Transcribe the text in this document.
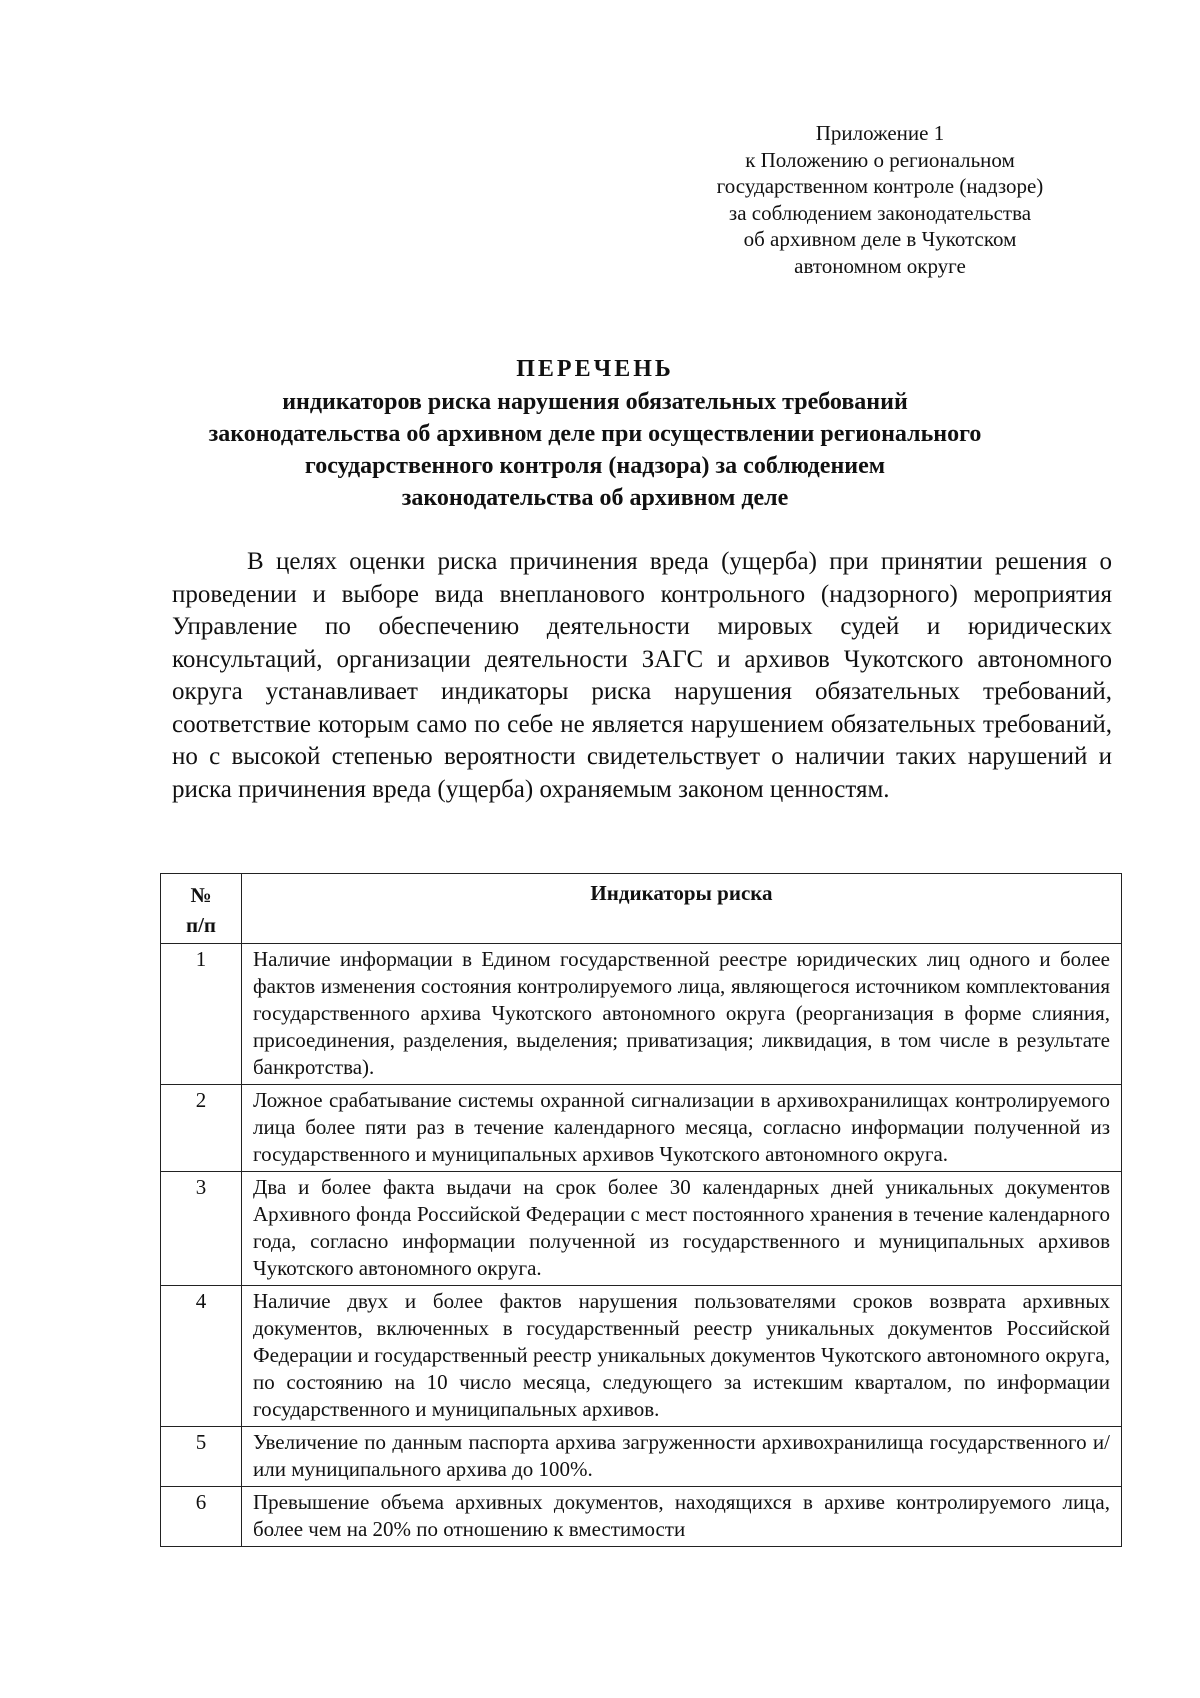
Приложение 1
к Положению о региональном
государственном контроле (надзоре)
за соблюдением законодательства
об архивном деле в Чукотском
автономном округе
ПЕРЕЧЕНЬ
индикаторов риска нарушения обязательных требований
законодательства об архивном деле при осуществлении регионального
государственного контроля (надзора) за соблюдением
законодательства об архивном деле

В целях оценки риска причинения вреда (ущерба) при принятии решения о проведении и выборе вида внепланового контрольного (надзорного) мероприятия Управление по обеспечению деятельности мировых судей и юридических консультаций, организации деятельности ЗАГС и архивов Чукотского автономного округа устанавливает индикаторы риска нарушения обязательных требований, соответствие которым само по себе не является нарушением обязательных требований, но с высокой степенью вероятности свидетельствует о наличии таких нарушений и риска причинения вреда (ущерба) охраняемым законом ценностям.

№
п/п	Индикаторы риска
1	Наличие информации в Едином государственной реестре юридических лиц одного и более фактов изменения состояния контролируемого лица, являющегося источником комплектования государственного архива Чукотского автономного округа (реорганизация в форме слияния, присоединения, разделения, выделения; приватизация; ликвидация, в том числе в результате банкротства).
2	Ложное срабатывание системы охранной сигнализации в архивохранилищах контролируемого лица более пяти раз в течение календарного месяца, согласно информации полученной из государственного и муниципальных архивов Чукотского автономного округа.
3	Два и более факта выдачи на срок более 30 календарных дней уникальных документов Архивного фонда Российской Федерации с мест постоянного хранения в течение календарного года, согласно информации полученной из государственного и муниципальных архивов Чукотского автономного округа.
4	Наличие двух и более фактов нарушения пользователями сроков возврата архивных документов, включенных в государственный реестр уникальных документов Российской Федерации и государственный реестр уникальных документов Чукотского автономного округа, по состоянию на 10 число месяца, следующего за истекшим кварталом, по информации государственного и муниципальных архивов.
5	Увеличение по данным паспорта архива загруженности архивохранилища государственного и/или муниципального архива до 100%.
6	Превышение объема архивных документов, находящихся в архиве контролируемого лица, более чем на 20% по отношению к вместимости
